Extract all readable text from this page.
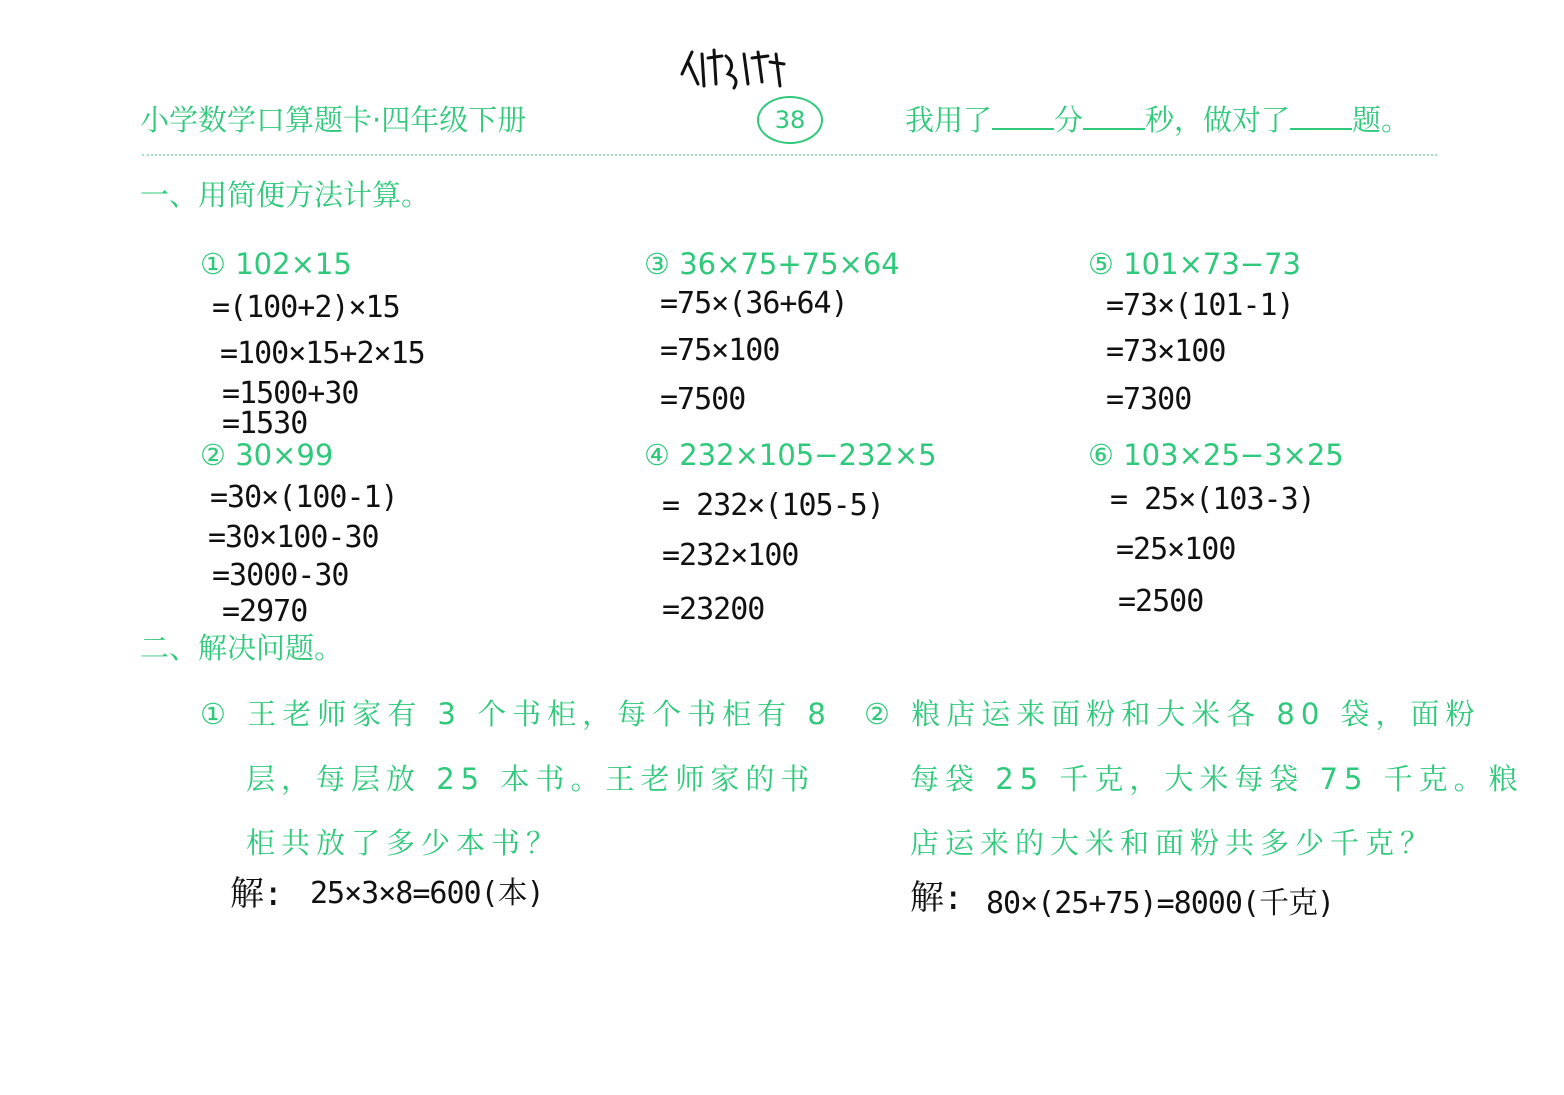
小学数学口算题卡·四年级下册	38	我用了 分 秒，做对了 题。
一、用简便方法计算。
① 102×15
=(100+2)×15
=100×15+2×15
=1500+30
=1530
② 30×99
=30×(100-1)
=30×100-30
=3000-30
=2970
③ 36×75+75×64
=75×(36+64)
=75×100
=7500
④ 232×105−232×5
= 232×(105-5)
=232×100
=23200
⑤ 101×73−73
=73×(101-1)
=73×100
=7300
⑥ 103×25−3×25
= 25×(103-3)
=25×100
=2500
二、解决问题。
① 王老师家有 3 个书柜，每个书柜有 8
层，每层放 25 本书。王老师家的书
柜共放了多少本书？
解: 25×3×8=600(本)
② 粮店运来面粉和大米各 80 袋，面粉
每袋 25 千克，大米每袋 75 千克。粮
店运来的大米和面粉共多少千克？
解: 80×(25+75)=8000(千克)
